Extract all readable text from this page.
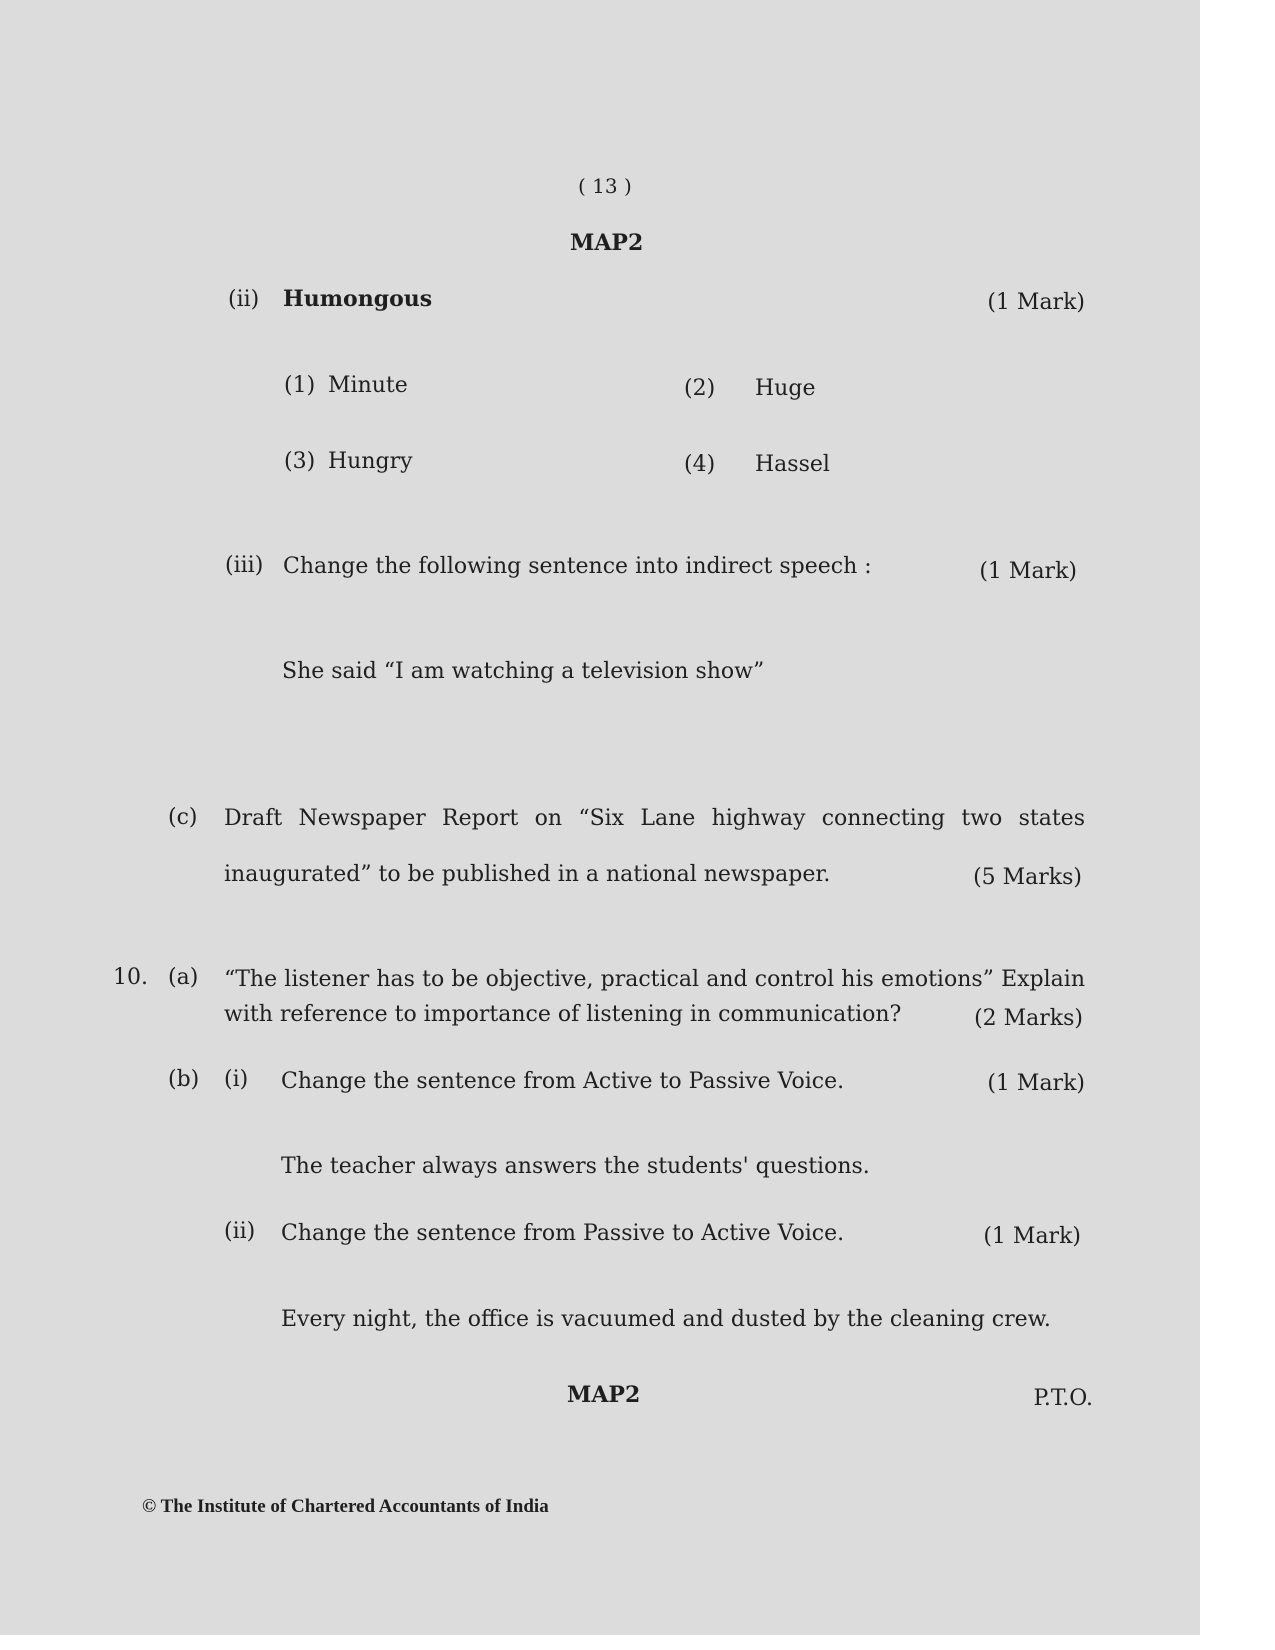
( 13 )
MAP2
(ii) Humongous	(1 Mark)
(1) Minute	(2) Huge
(3) Hungry	(4) Hassel
(iii) Change the following sentence into indirect speech :	(1 Mark)
She said “I am watching a television show”
(c) Draft Newspaper Report on “Six Lane highway connecting two states
inaugurated” to be published in a national newspaper.	(5 Marks)
10. (a) “The listener has to be objective, practical and control his emotions” Explain
with reference to importance of listening in communication?	(2 Marks)
(b) (i) Change the sentence from Active to Passive Voice.	(1 Mark)
The teacher always answers the students' questions.
(ii) Change the sentence from Passive to Active Voice.	(1 Mark)
Every night, the office is vacuumed and dusted by the cleaning crew.
MAP2	P.T.O.
© The Institute of Chartered Accountants of India
